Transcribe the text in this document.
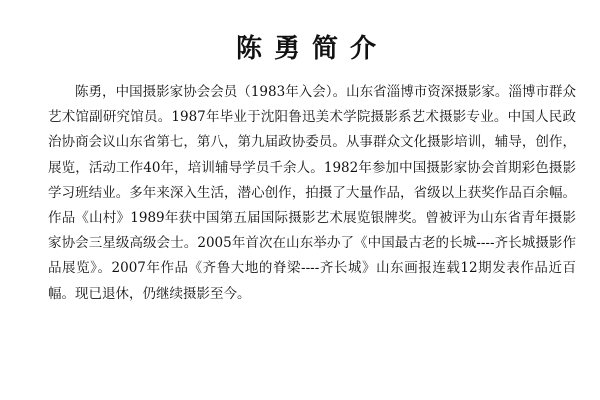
陈勇简介

陈勇，中国摄影家协会会员（1983年入会）。山东省淄博市资深摄影家。淄博市群众艺术馆副研究馆员。1987年毕业于沈阳鲁迅美术学院摄影系艺术摄影专业。中国人民政治协商会议山东省第七，第八，第九届政协委员。从事群众文化摄影培训，辅导，创作，展览，活动工作40年，培训辅导学员千余人。1982年参加中国摄影家协会首期彩色摄影学习班结业。多年来深入生活，潜心创作，拍摄了大量作品，省级以上获奖作品百余幅。作品《山村》1989年获中国第五届国际摄影艺术展览银牌奖。曾被评为山东省青年摄影家协会三星级高级会士。2005年首次在山东举办了《中国最古老的长城----齐长城摄影作品展览》。2007年作品《齐鲁大地的脊梁----齐长城》山东画报连载12期发表作品近百幅。现已退休，仍继续摄影至今。
